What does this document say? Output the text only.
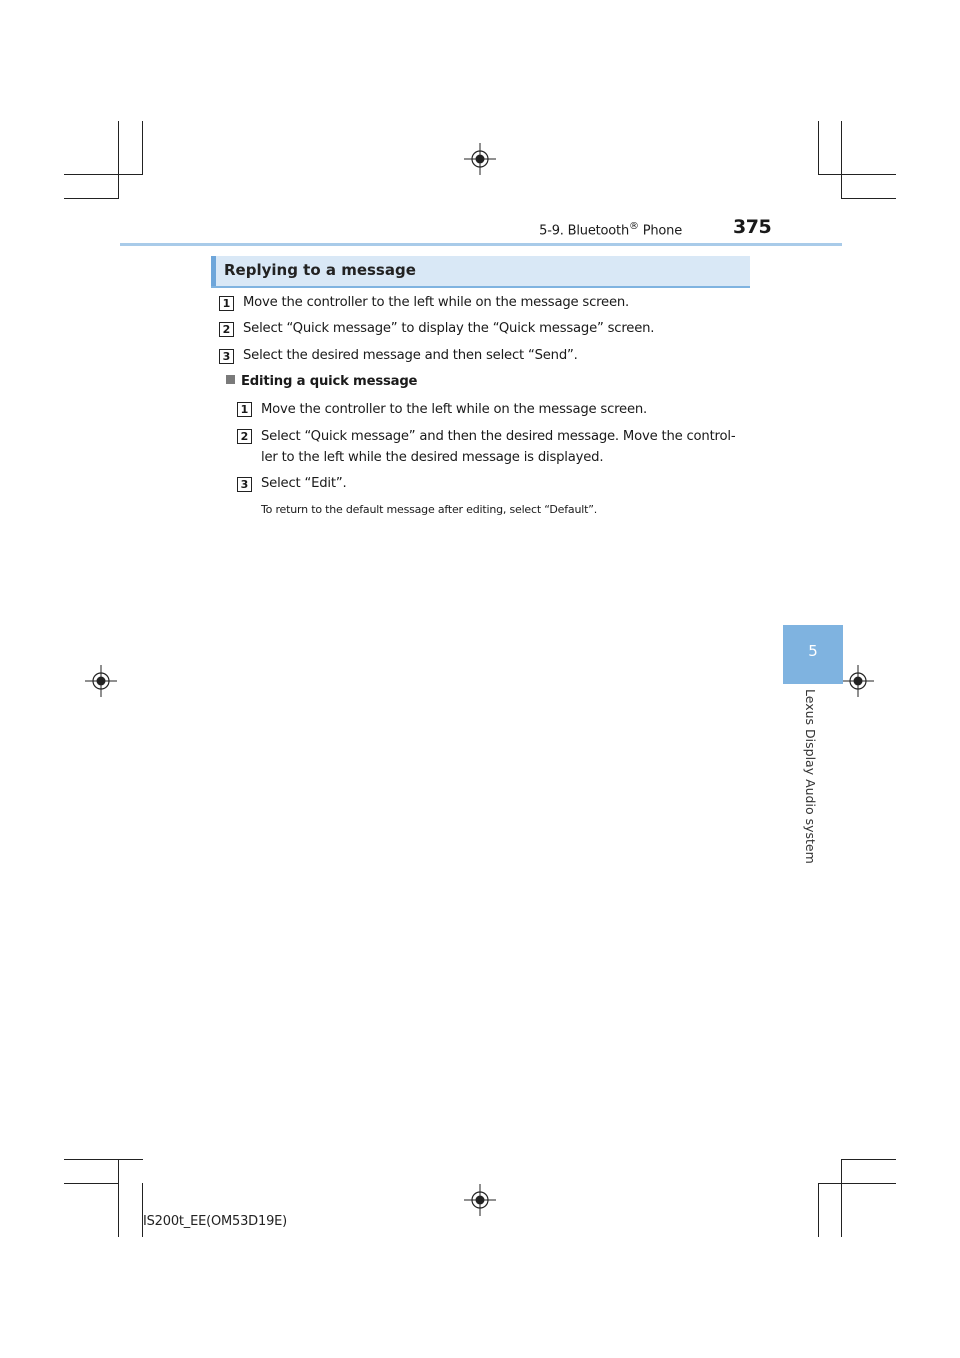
5-9. Bluetooth® Phone	375
Replying to a message
1 Move the controller to the left while on the message screen.
2 Select “Quick message” to display the “Quick message” screen.
3 Select the desired message and then select “Send”.
Editing a quick message
1 Move the controller to the left while on the message screen.
2 Select “Quick message” and then the desired message. Move the control-
ler to the left while the desired message is displayed.
3 Select “Edit”.
To return to the default message after editing, select “Default”.
5
Lexus Display Audio system
IS200t_EE(OM53D19E)
